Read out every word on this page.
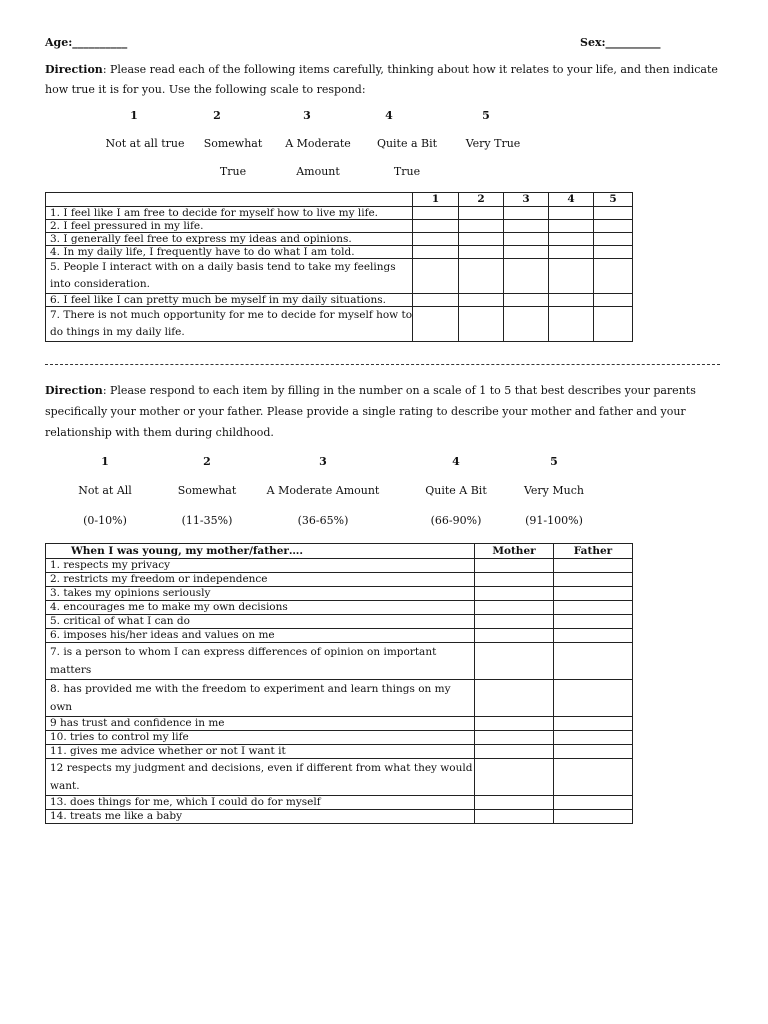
Age:__________	Sex:__________
Direction: Please read each of the following items carefully, thinking about how it relates to your life, and then indicate how true it is for you. Use the following scale to respond:
1
Not at all true
2
Somewhat
True
3
A Moderate
Amount
4
Quite a Bit
True
5
Very True
	1	2	3	4	5
1. I feel like I am free to decide for myself how to live my life.					
2. I feel pressured in my life.					
3. I generally feel free to express my ideas and opinions.					
4. In my daily life, I frequently have to do what I am told.					
5. People I interact with on a daily basis tend to take my feelings into consideration.					
6. I feel like I can pretty much be myself in my daily situations.					
7. There is not much opportunity for me to decide for myself how to do things in my daily life.					
Direction: Please respond to each item by filling in the number on a scale of 1 to 5 that best describes your parents specifically your mother or your father. Please provide a single rating to describe your mother and father and your relationship with them during childhood.
1
Not at All
(0-10%)
2
Somewhat
(11-35%)
3
A Moderate Amount
(36-65%)
4
Quite A Bit
(66-90%)
5
Very Much
(91-100%)
When I was young, my mother/father….	Mother	Father
1. respects my privacy		
2. restricts my freedom or independence		
3. takes my opinions seriously		
4. encourages me to make my own decisions		
5. critical of what I can do		
6. imposes his/her ideas and values on me		
7. is a person to whom I can express differences of opinion on important matters		
8. has provided me with the freedom to experiment and learn things on my own		
9 has trust and confidence in me		
10. tries to control my life		
11. gives me advice whether or not I want it		
12 respects my judgment and decisions, even if different from what they would want.		
13. does things for me, which I could do for myself		
14. treats me like a baby		
